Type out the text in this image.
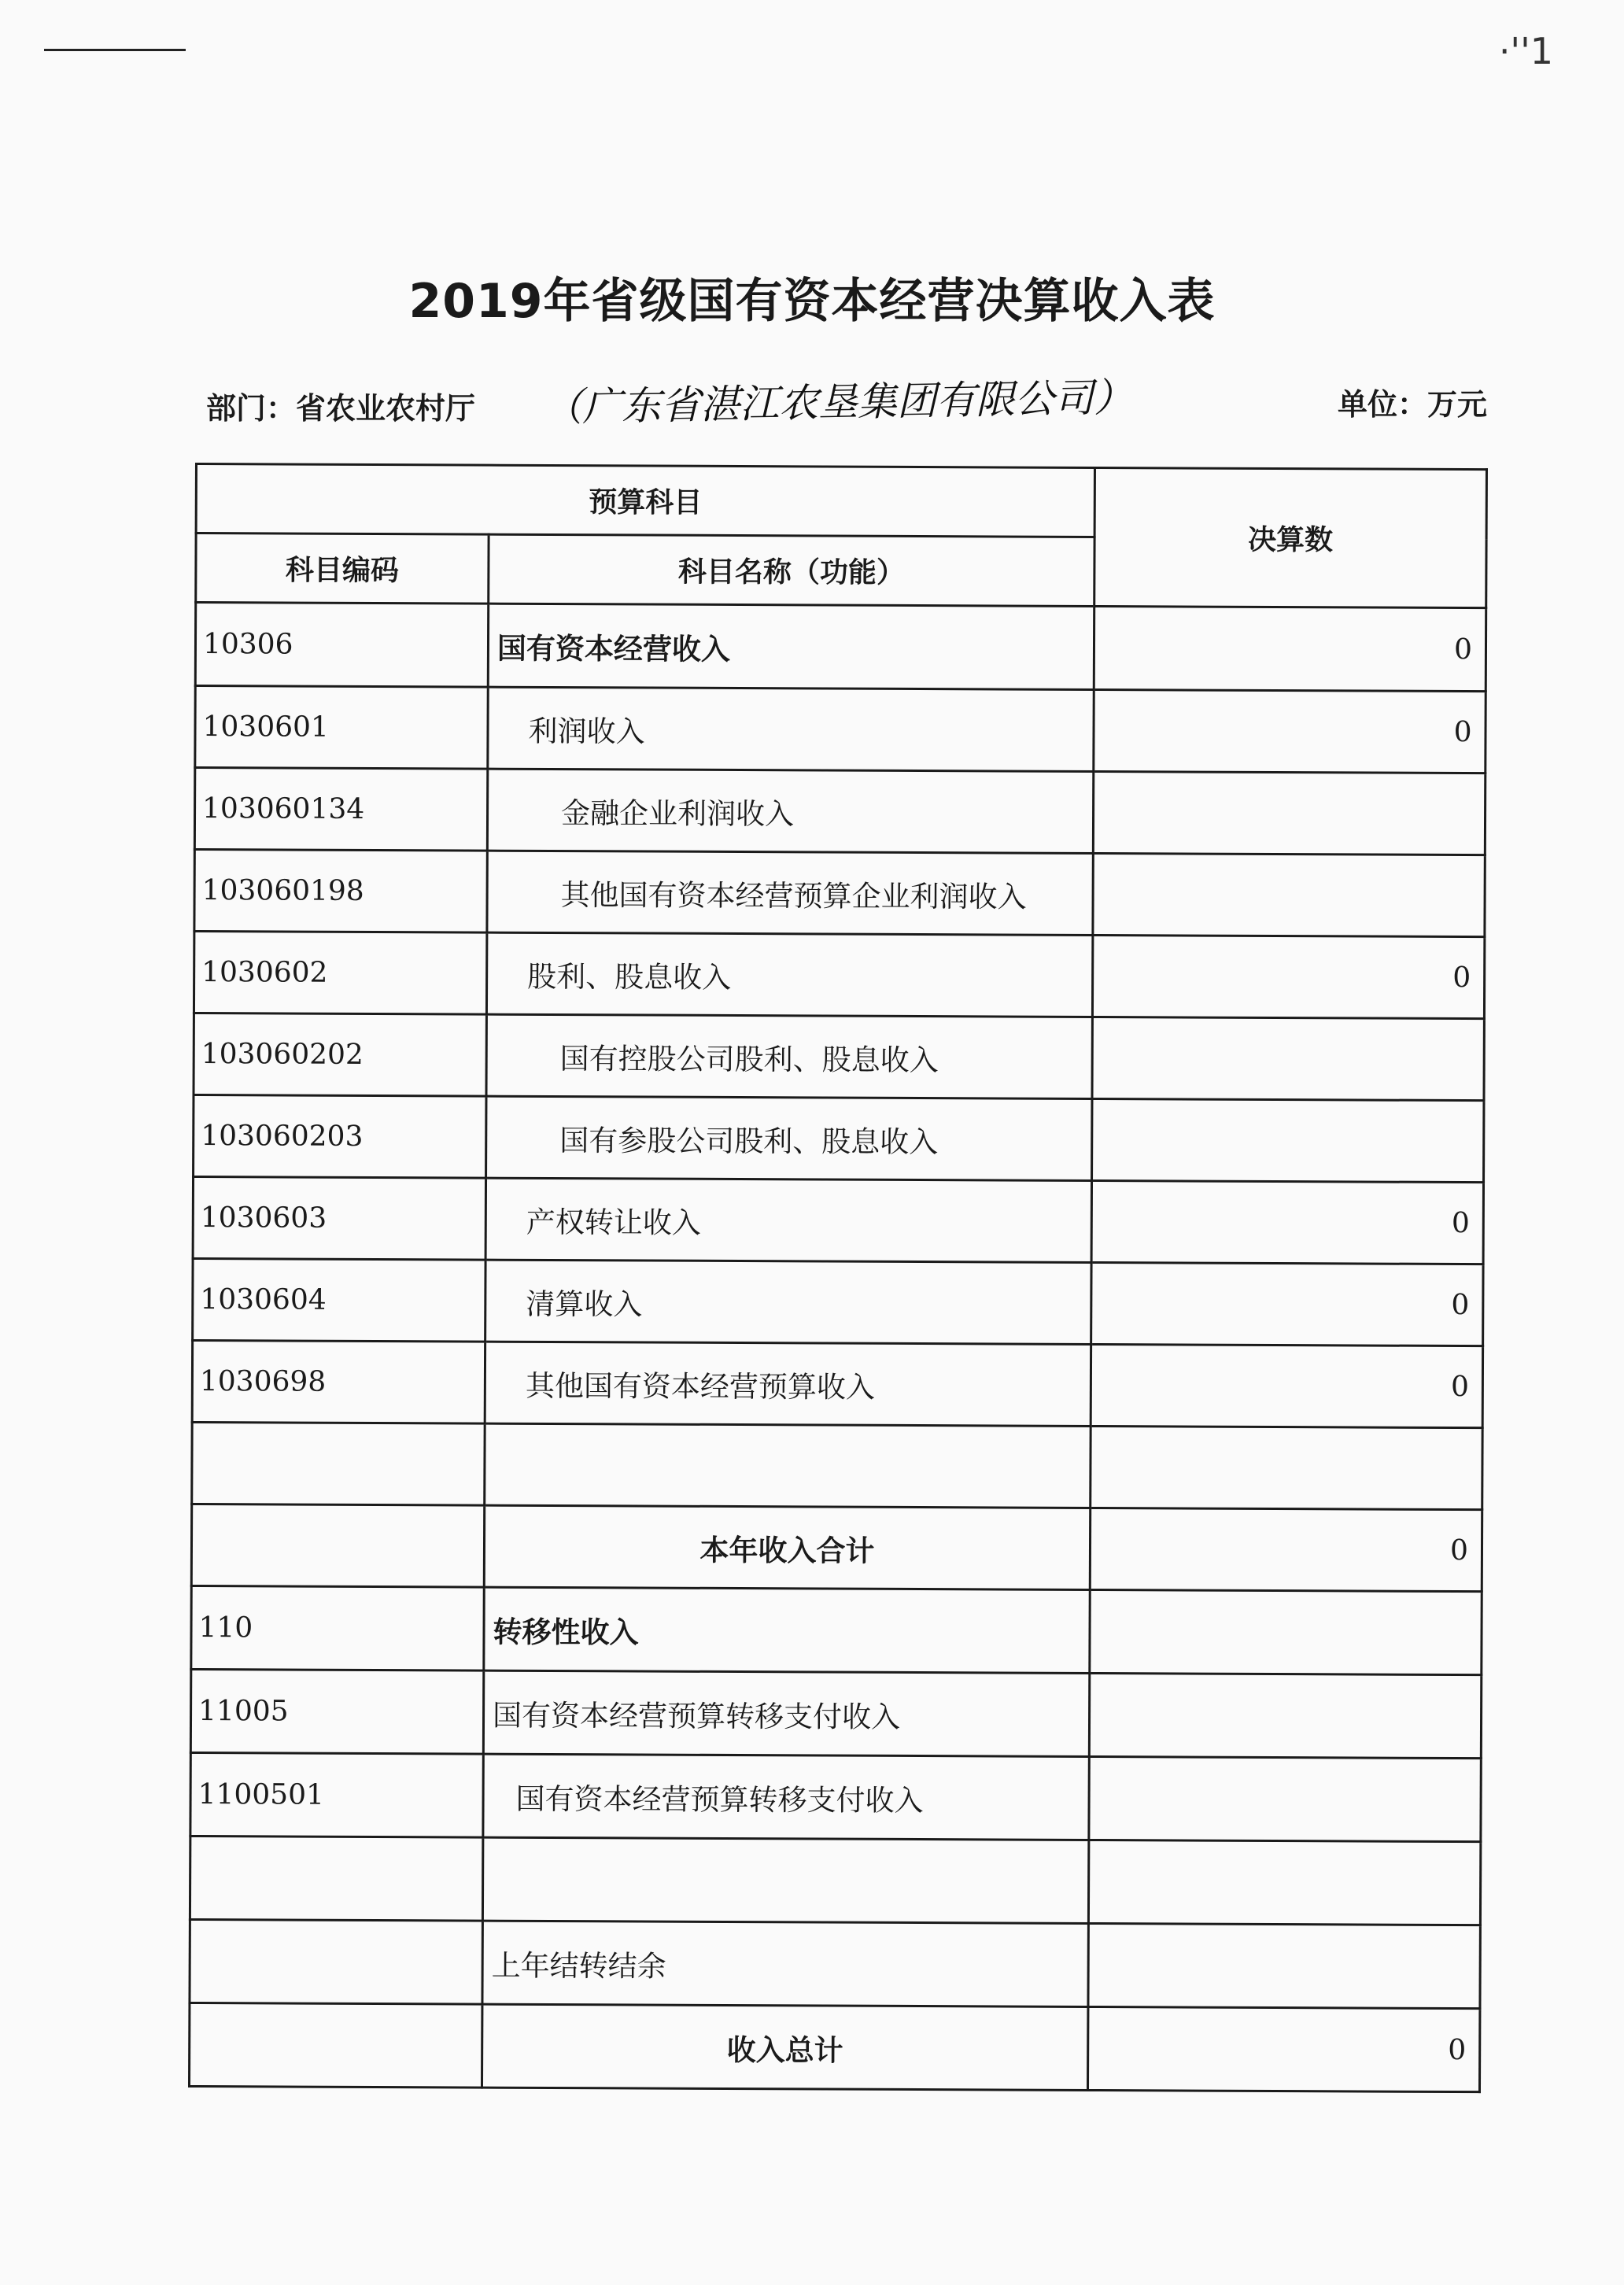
·''1
2019年省级国有资本经营决算收入表
部门：省农业农村厅 （广东省湛江农垦集团有限公司）	单位：万元
预算科目		决算数
科目编码	科目名称（功能）	
10306	国有资本经营收入	0
1030601	利润收入	0
103060134	金融企业利润收入	
103060198	其他国有资本经营预算企业利润收入	
1030602	股利、股息收入	0
103060202	国有控股公司股利、股息收入	
103060203	国有参股公司股利、股息收入	
1030603	产权转让收入	0
1030604	清算收入	0
1030698	其他国有资本经营预算收入	0

	本年收入合计	0
110	转移性收入	
11005	国有资本经营预算转移支付收入	
1100501	国有资本经营预算转移支付收入	

	上年结转结余	
	收入总计	0
